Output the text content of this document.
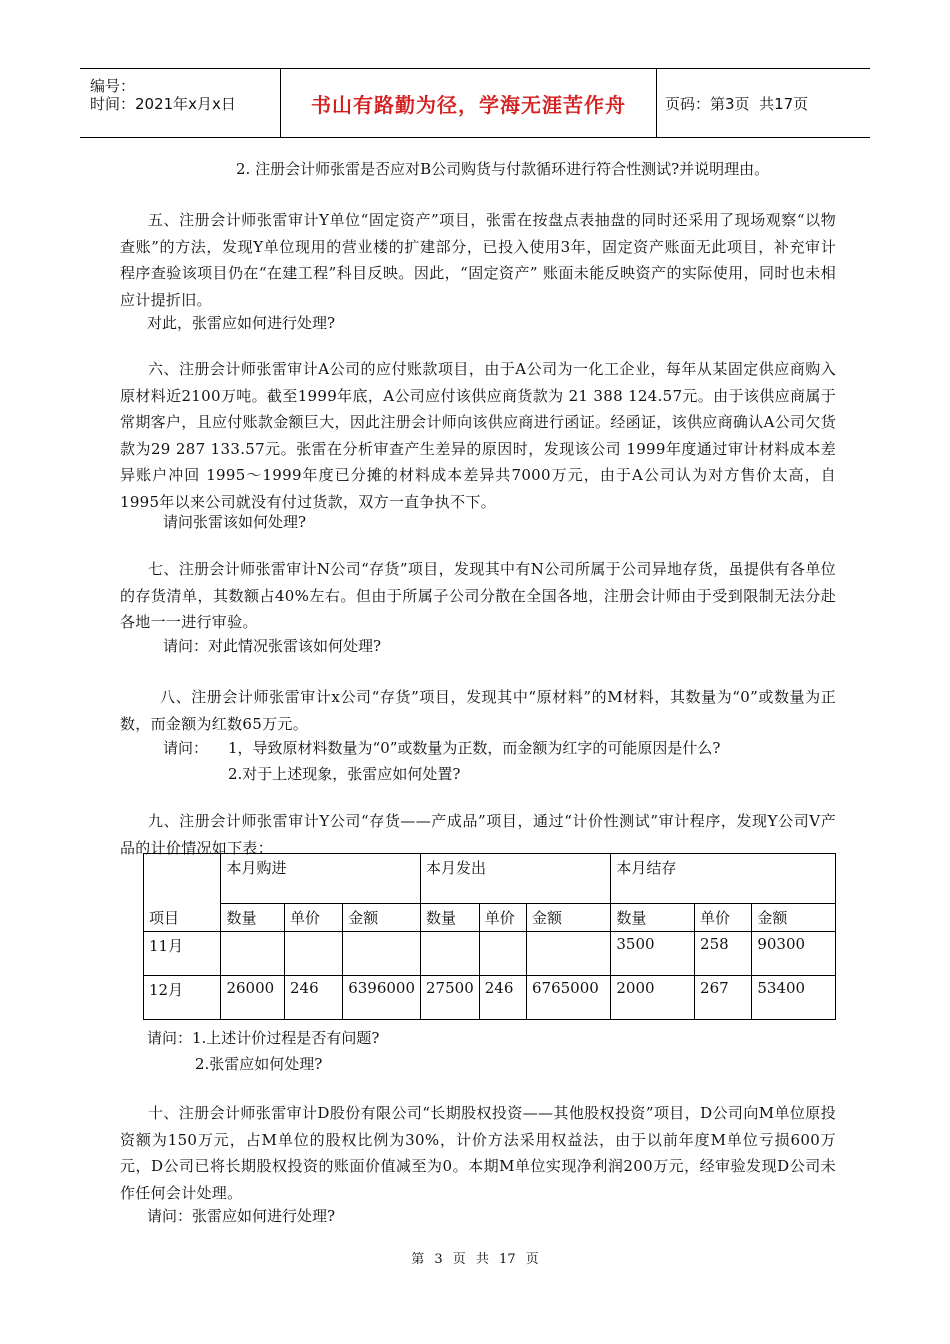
编号：
时间：2021年x月x日	书山有路勤为径，学海无涯苦作舟	页码：第3页  共17页

2. 注册会计师张雷是否应对B公司购货与付款循环进行符合性测试?并说明理由。

五、注册会计师张雷审计Y单位“固定资产”项目，张雷在按盘点表抽盘的同时还采用了现场观察“以物查账”的方法，发现Y单位现用的营业楼的扩建部分，已投入使用3年，固定资产账面无此项目，补充审计程序查验该项目仍在“在建工程”科目反映。因此，“固定资产” 账面未能反映资产的实际使用，同时也未相应计提折旧。

对此，张雷应如何进行处理?

六、注册会计师张雷审计A公司的应付账款项目，由于A公司为一化工企业，每年从某固定供应商购入原材料近2100万吨。截至1999年底，A公司应付该供应商货款为 21 388 124.57元。由于该供应商属于常期客户，且应付账款金额巨大，因此注册会计师向该供应商进行函证。经函证，该供应商确认A公司欠货款为29 287 133.57元。张雷在分析审查产生差异的原因时，发现该公司 1999年度通过审计材料成本差异账户冲回 1995～1999年度已分摊的材料成本差异共7000万元，由于A公司认为对方售价太高，自1995年以来公司就没有付过货款，双方一直争执不下。

请问张雷该如何处理?

七、注册会计师张雷审计N公司“存货”项目，发现其中有N公司所属于公司异地存货，虽提供有各单位的存货清单，其数额占40%左右。但由于所属子公司分散在全国各地，注册会计师由于受到限制无法分赴各地一一进行审验。

请问：对此情况张雷该如何处理?

八、注册会计师张雷审计x公司“存货”项目，发现其中“原材料”的M材料，其数量为“0”或数量为正数，而金额为红数65万元。

请问： 1，导致原材料数量为“0”或数量为正数，而金额为红字的可能原因是什么?

2.对于上述现象，张雷应如何处置?

九、注册会计师张雷审计Y公司“存货——产成品”项目，通过“计价性测试”审计程序，发现Y公司V产品的计价情况如下表：

项目	本月购进			本月发出			本月结存		
	数量	单价	金额	数量	单价	金额	数量	单价	金额
11月							3500	258	90300
12月	26000	246	6396000	27500	246	6765000	2000	267	53400

请问：1.上述计价过程是否有问题?

2.张雷应如何处理?

十、注册会计师张雷审计D股份有限公司“长期股权投资——其他股权投资”项目，D公司向M单位原投资额为150万元，占M单位的股权比例为30%，计价方法采用权益法，由于以前年度M单位亏损600万元，D公司已将长期股权投资的账面价值减至为0。本期M单位实现净利润200万元，经审验发现D公司未作任何会计处理。

请问：张雷应如何进行处理?

第 3 页 共 17 页
